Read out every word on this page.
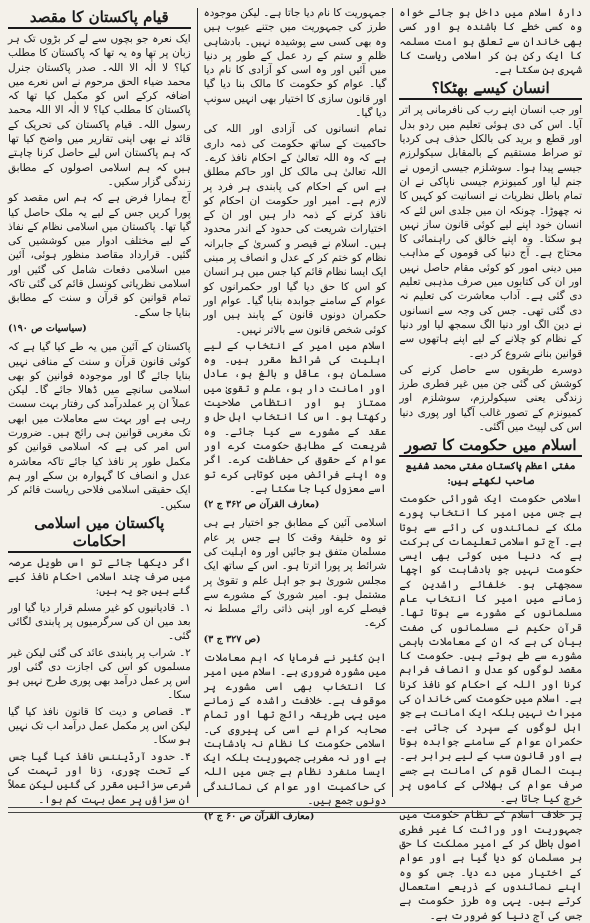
دارۂ اسلام میں داخل ہو جائے خواہ وہ کسی خطے کا باشندہ ہو اور کسی بھی خاندان سے تعلق ہو امت مسلمہ کا ایک رکن بن کر اسلامی ریاست کا شہری بن سکتا ہے۔

انسان کیسے بھٹکا؟

اور جب انسان اپنے رب کی نافرمانی پر اتر آیا۔ اس کی دی ہوئی تعلیم میں ردو بدل اور قطع و برید کی بالکل حذف ہی کردیا تو صراط مستقیم کے بالمقابل سیکولرزم جیسے پیدا ہوا۔ سوشلزم جیسی ازموں نے جنم لیا اور کمیونزم جیسی ناپاکی نے ان تمام باطل نظریات نے انسانیت کو کہیں کا نہ چھوڑا۔ چونکہ ان میں جلدی اس لئے کہ انسان خود اپنے لیے کوئی قانون ساز نہیں ہو سکتا۔ وہ اپنے خالق کی راہنمائی کا محتاج ہے۔ آج دنیا کی قوموں کے مذاہب میں دینی امور کو کوئی مقام حاصل نہیں اور ان کی کتابوں میں صرف مذہبی تعلیم دی گئی ہے۔ آداب معاشرت کی تعلیم نہ دی گئی تھی۔ جس کی وجہ سے انسانوں نے دین الگ اور دنیا الگ سمجھ لیا اور دنیا کے نظام کو چلانے کے لیے اپنے ہاتھوں سے قوانین بنانے شروع کر دیے۔

دوسرے طریقوں سے حاصل کرنے کی کوشش کی گئی جن میں غیر فطری طرز زندگی یعنی سیکولرزم، سوشلزم اور کمیونزم کے تصور غالب آگیا اور پوری دنیا اس کی لپیٹ میں آگئی۔

اسلام میں حکومت کا تصور
مفتی اعظم پاکستان مفتی محمد شفیع صاحب لکھتے ہیں:

اسلامی حکومت ایک شورائی حکومت ہے جس میں امیر کا انتخاب پورے ملک کے نمائندوں کی رائے سے ہوتا ہے۔ آج تو اسلامی تعلیمات کی برکت ہے کہ دنیا میں کوئی بھی ایسی حکومت نہیں جو بادشاہت کو اچھا سمجھتی ہو۔ خلفائے راشدین کے زمانے میں امیر کا انتخاب عام مسلمانوں کے مشورے سے ہوتا تھا۔ قرآن حکیم نے مسلمانوں کی صفت بیان کی ہے کہ ان کے معاملات باہمی مشورے سے طے ہوتے ہیں۔ حکومت کا مقصد لوگوں کو عدل و انصاف فراہم کرنا اور اللہ کے احکام کو نافذ کرنا ہے۔ اسلام میں حکومت کسی خاندان کی میراث نہیں بلکہ ایک امانت ہے جو اہل لوگوں کے سپرد کی جاتی ہے۔ حکمران عوام کے سامنے جوابدہ ہوتا ہے اور قانون سب کے لیے برابر ہے۔ بیت المال قوم کی امانت ہے جسے صرف عوام کی بھلائی کے کاموں پر خرچ کیا جاتا ہے۔

بر خلاف اسلام کے نظام حکومت میں جمہوریت اور وراثت کا غیر فطری اصول باطل کر کے امیر مملکت کا حق ہر مسلمان کو دیا گیا ہے اور عوام کے اختیار میں دے دیا۔ جس کو وہ اپنے نمائندوں کے ذریعے استعمال کرتے ہیں۔ یہی وہ طرز حکومت ہے جس کی آج دنیا کو ضرورت ہے۔

جمہوریت کا نام دیا جاتا ہے۔ لیکن موجودہ طرز کی جمہوریت میں جتنے عیوب ہیں وہ بھی کسی سے پوشیدہ نہیں۔ بادشاہی ظلم و ستم کے رد عمل کے طور پر دنیا میں آئیں اور وہ اسی کو آزادی کا نام دیا گیا۔ عوام کو حکومت کا مالک بنا دیا گیا اور قانون سازی کا اختیار بھی انہیں سونپ دیا گیا۔

تمام انسانوں کی آزادی اور اللہ کی حاکمیت کے ساتھ حکومت کی ذمہ داری ہے کہ وہ اللہ تعالیٰ کے احکام نافذ کرے۔ اللہ تعالیٰ ہی مالک کل اور حاکم مطلق ہے اس کے احکام کی پابندی ہر فرد پر لازم ہے۔ امیر اور حکومت ان احکام کو نافذ کرنے کے ذمہ دار ہیں اور ان کے اختیارات شریعت کی حدود کے اندر محدود ہیں۔ اسلام نے قیصر و کسریٰ کے جابرانہ نظام کو ختم کر کے عدل و انصاف پر مبنی ایک ایسا نظام قائم کیا جس میں ہر انسان کو اس کا حق دیا گیا اور حکمرانوں کو عوام کے سامنے جوابدہ بنایا گیا۔ عوام اور حکمران دونوں قانون کے پابند ہیں اور کوئی شخص قانون سے بالاتر نہیں۔

اسلام میں امیر کے انتخاب کے لیے اہلیت کی شرائط مقرر ہیں۔ وہ مسلمان ہو، عاقل و بالغ ہو، عادل اور امانت دار ہو، علم و تقویٰ میں ممتاز ہو اور انتظامی صلاحیت رکھتا ہو۔ اس کا انتخاب اہل حل و عقد کے مشورے سے کیا جائے۔ وہ شریعت کے مطابق حکومت کرے اور عوام کے حقوق کی حفاظت کرے۔ اگر وہ اپنے فرائض میں کوتاہی کرے تو اسے معزول کیا جا سکتا ہے۔

(معارف القرآن ص ۳۶۲ ج ۲)

اسلامی آئین کے مطابق جو اختیار ہے ہی تو وہ خلیفۂ وقت کا ہے جس پر عام مسلمان متفق ہو جائیں اور وہ اہلیت کی شرائط پر پورا اترتا ہو۔ اس کے ساتھ ایک مجلس شوریٰ ہو جو اہل علم و تقویٰ پر مشتمل ہو۔ امیر شوریٰ کے مشورے سے فیصلے کرے اور اپنی ذاتی رائے مسلط نہ کرے۔

(ص ۳۲۷ ج ۳)

ابن کثیر نے فرمایا کہ اہم معاملات میں مشورہ ضروری ہے۔ اسلام میں امیر کا انتخاب بھی اسی مشورے پر موقوف ہے۔ خلافت راشدہ کے زمانے میں یہی طریقہ رائج تھا اور تمام صحابہ کرام نے اسی کی پیروی کی۔ اسلامی حکومت کا نظام نہ بادشاہت ہے اور نہ مغربی جمہوریت بلکہ ایک ایسا منفرد نظام ہے جس میں اللہ کی حاکمیت اور عوام کی نمائندگی دونوں جمع ہیں۔

(معارف القرآن ص ۶۰ ج ۲)
قیام پاکستان کا مقصد

ایک نعرہ جو بچوں سے لے کر بڑوں تک ہر زبان پر تھا وہ یہ تھا کہ پاکستان کا مطلب کیا؟ لا الٰہ الا اللہ۔ صدر پاکستان جنرل محمد ضیاء الحق مرحوم نے اس نعرے میں اضافہ کرکے اس کو مکمل کیا تھا کہ پاکستان کا مطلب کیا؟ لا الٰہ الا اللہ محمد رسول اللہ۔ قیام پاکستان کی تحریک کے قائد نے بھی اپنی تقاریر میں واضح کیا تھا کہ ہم پاکستان اس لیے حاصل کرنا چاہتے ہیں کہ ہم اسلامی اصولوں کے مطابق زندگی گزار سکیں۔

آج ہمارا فرض ہے کہ ہم اس مقصد کو پورا کریں جس کے لیے یہ ملک حاصل کیا گیا تھا۔ پاکستان میں اسلامی نظام کے نفاذ کے لیے مختلف ادوار میں کوششیں کی گئیں۔ قرارداد مقاصد منظور ہوئی، آئین میں اسلامی دفعات شامل کی گئیں اور اسلامی نظریاتی کونسل قائم کی گئی تاکہ تمام قوانین کو قرآن و سنت کے مطابق بنایا جا سکے۔

(سیاسیات ص ۱۹۰)

پاکستان کے آئین میں یہ طے کیا گیا ہے کہ کوئی قانون قرآن و سنت کے منافی نہیں بنایا جائے گا اور موجودہ قوانین کو بھی اسلامی سانچے میں ڈھالا جائے گا۔ لیکن عملاً ان پر عملدرآمد کی رفتار بہت سست رہی ہے اور بہت سے معاملات میں ابھی تک مغربی قوانین ہی رائج ہیں۔ ضرورت اس امر کی ہے کہ اسلامی قوانین کو مکمل طور پر نافذ کیا جائے تاکہ معاشرہ عدل و انصاف کا گہوارہ بن سکے اور ہم ایک حقیقی اسلامی فلاحی ریاست قائم کر سکیں۔

پاکستان میں اسلامی احکامات

اگر دیکھا جائے تو اس طویل عرصہ میں صرف چند اسلامی احکام نافذ کیے گئے ہیں جو یہ ہیں:

۱۔ قادیانیوں کو غیر مسلم قرار دیا گیا اور بعد میں ان کی سرگرمیوں پر پابندی لگائی گئی۔

۲۔ شراب پر پابندی عائد کی گئی لیکن غیر مسلموں کو اس کی اجازت دی گئی اور اس پر عمل درآمد بھی پوری طرح نہیں ہو سکا۔

۳۔ قصاص و دیت کا قانون نافذ کیا گیا لیکن اس پر مکمل عمل درآمد اب تک نہیں ہو سکا۔

۴۔ حدود آرڈیننس نافذ کیا گیا جس کے تحت چوری، زنا اور تہمت کی شرعی سزائیں مقرر کی گئیں لیکن عملاً ان سزاؤں پر عمل بہت کم ہوا۔
